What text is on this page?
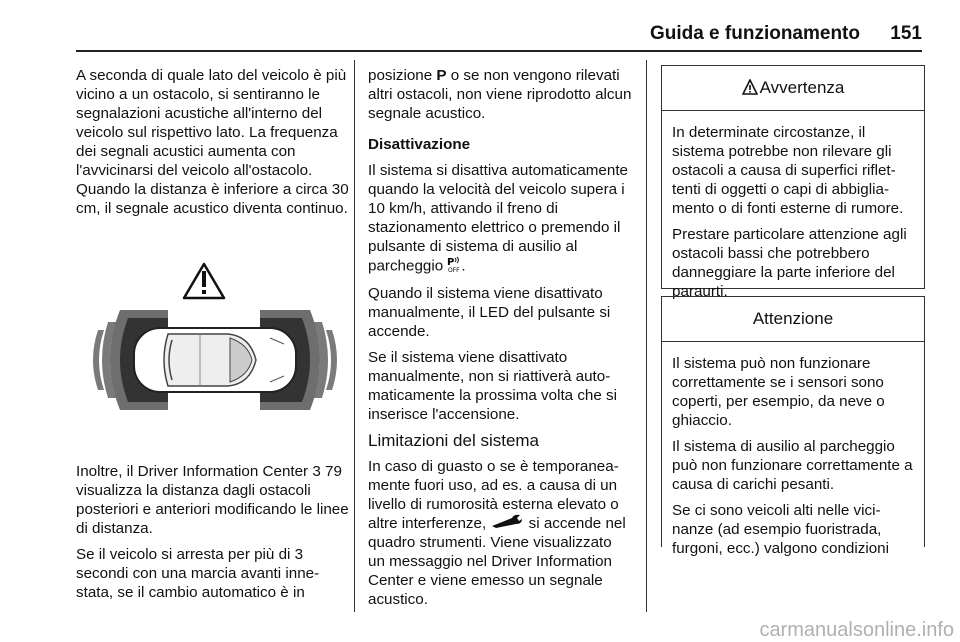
Guida e funzionamento 151

A seconda di quale lato del veicolo è più vicino a un ostacolo, si sentiranno le segnalazioni acustiche all'interno del veicolo sul rispettivo lato. La frequenza dei segnali acustici aumenta con l'avvicinarsi del veicolo all'ostacolo. Quando la distanza è inferiore a circa 30 cm, il segnale acustico diventa continuo.

Inoltre, il Driver Information Center 3 79 visualizza la distanza dagli ostacoli posteriori e anteriori modificando le linee di distanza.

Se il veicolo si arresta per più di 3 secondi con una marcia avanti innestata, se il cambio automatico è in

posizione P o se non vengono rilevati altri ostacoli, non viene riprodotto alcun segnale acustico.

Disattivazione

Il sistema si disattiva automaticamente quando la velocità del veicolo supera i 10 km/h, attivando il freno di stazionamento elettrico o premendo il pulsante di sistema di ausilio al parcheggio P
OFF .

Quando il sistema viene disattivato manualmente, il LED del pulsante si accende.

Se il sistema viene disattivato manualmente, non si riattiverà automaticamente la prossima volta che si inserisce l'accensione.

Limitazioni del sistema

In caso di guasto o se è temporaneamente fuori uso, ad es. a causa di un livello di rumorosità esterna elevato o altre interferenze,  si accende nel quadro strumenti. Viene visualizzato un messaggio nel Driver Information Center e viene emesso un segnale acustico.

Avvertenza

In determinate circostanze, il sistema potrebbe non rilevare gli ostacoli a causa di superfici riflettenti di oggetti o capi di abbigliamento o di fonti esterne di rumore.

Prestare particolare attenzione agli ostacoli bassi che potrebbero danneggiare la parte inferiore del paraurti.

Attenzione

Il sistema può non funzionare correttamente se i sensori sono coperti, per esempio, da neve o ghiaccio.

Il sistema di ausilio al parcheggio può non funzionare correttamente a causa di carichi pesanti.

Se ci sono veicoli alti nelle vicinanze (ad esempio fuoristrada, furgoni, ecc.) valgono condizioni

carmanualsonline.info
